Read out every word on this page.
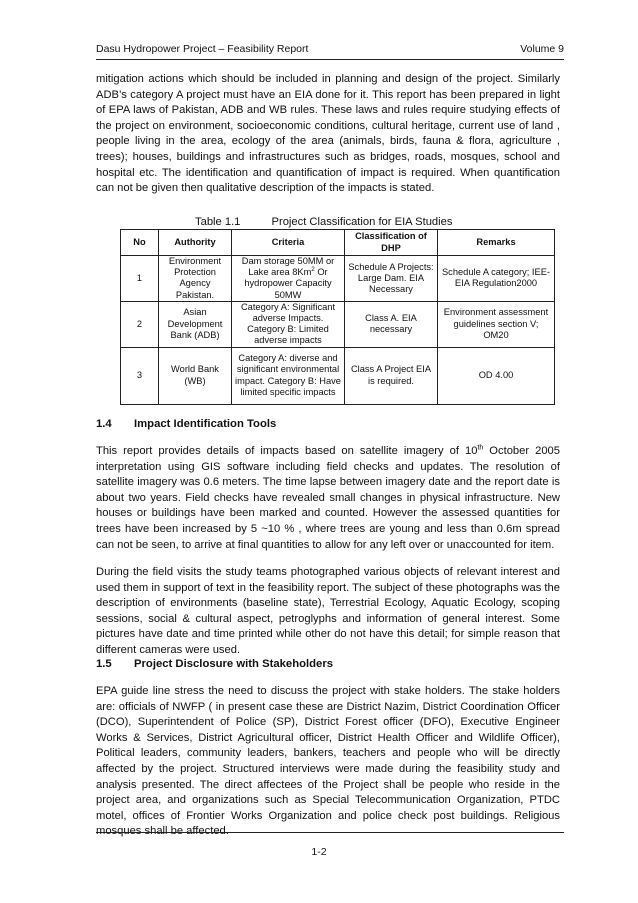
Dasu Hydropower Project – Feasibility Report	Volume 9

mitigation actions which should be included in planning and design of the project. Similarly ADB’s category A project must have an EIA done for it. This report has been prepared in light of EPA laws of Pakistan, ADB and WB rules. These laws and rules require studying effects of the project on environment, socioeconomic conditions, cultural heritage, current use of land , people living in the area, ecology of the area (animals, birds, fauna & flora, agriculture , trees); houses, buildings and infrastructures such as bridges, roads, mosques, school and hospital etc. The identification and quantification of impact is required. When quantification can not be given then qualitative description of the impacts is stated.

Table 1.1	Project Classification for EIA Studies
No	Authority	Criteria	Classification of DHP	Remarks
1	Environment Protection Agency Pakistan.	Dam storage 50MM or Lake area 8Km$^2$ Or hydropower Capacity 50MW	Schedule A Projects: Large Dam. EIA Necessary	Schedule A category; IEE-EIA Regulation2000
2	Asian Development Bank (ADB)	Category A: Significant adverse Impacts. Category B: Limited adverse impacts	Class A. EIA necessary	Environment assessment guidelines section V; OM20
3	World Bank (WB)	Category A: diverse and significant environmental impact. Category B: Have limited specific impacts	Class A Project EIA is required.	OD 4.00
1.4 Impact Identification Tools

This report provides details of impacts based on satellite imagery of 10th October 2005 interpretation using GIS software including field checks and updates. The resolution of satellite imagery was 0.6 meters. The time lapse between imagery date and the report date is about two years. Field checks have revealed small changes in physical infrastructure. New houses or buildings have been marked and counted. However the assessed quantities for trees have been increased by 5 ~10 % , where trees are young and less than 0.6m spread can not be seen, to arrive at final quantities to allow for any left over or unaccounted for item.

During the field visits the study teams photographed various objects of relevant interest and used them in support of text in the feasibility report. The subject of these photographs was the description of environments (baseline state), Terrestrial Ecology, Aquatic Ecology, scoping sessions, social & cultural aspect, petroglyphs and information of general interest. Some pictures have date and time printed while other do not have this detail; for simple reason that different cameras were used.

1.5 Project Disclosure with Stakeholders

EPA guide line stress the need to discuss the project with stake holders. The stake holders are: officials of NWFP ( in present case these are District Nazim, District Coordination Officer (DCO), Superintendent of Police (SP), District Forest officer (DFO), Executive Engineer Works & Services, District Agricultural officer, District Health Officer and Wildlife Officer), Political leaders, community leaders, bankers, teachers and people who will be directly affected by the project. Structured interviews were made during the feasibility study and analysis presented. The direct affectees of the Project shall be people who reside in the project area, and organizations such as Special Telecommunication Organization, PTDC motel, offices of Frontier Works Organization and police check post buildings. Religious mosques shall be affected.

1-2
